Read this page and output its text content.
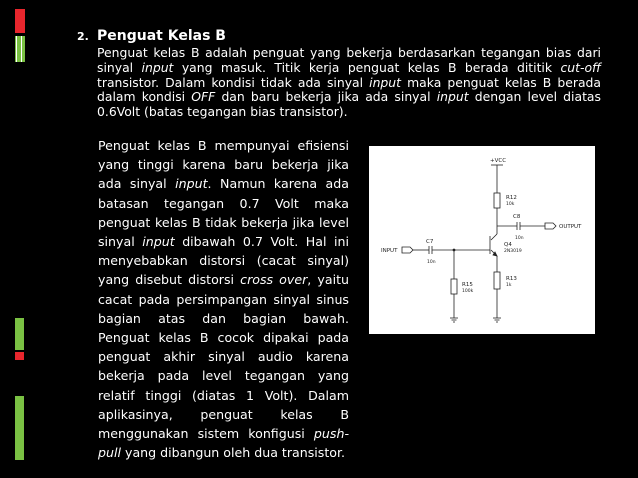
2. Penguat Kelas B
Penguat kelas B adalah penguat yang bekerja berdasarkan tegangan bias dari sinyal input yang masuk. Titik kerja penguat kelas B berada dititik cut-off transistor. Dalam kondisi tidak ada sinyal input maka penguat kelas B berada dalam kondisi OFF dan baru bekerja jika ada sinyal input dengan level diatas 0.6Volt (batas tegangan bias transistor).
Penguat kelas B mempunyai efisiensi yang tinggi karena baru bekerja jika ada sinyal input. Namun karena ada batasan tegangan 0.7 Volt maka penguat kelas B tidak bekerja jika level sinyal input dibawah 0.7 Volt. Hal ini menyebabkan distorsi (cacat sinyal) yang disebut distorsi cross over, yaitu cacat pada persimpangan sinyal sinus bagian atas dan bagian bawah. Penguat kelas B cocok dipakai pada penguat akhir sinyal audio karena bekerja pada level tegangan yang relatif tinggi (diatas 1 Volt). Dalam aplikasinya, penguat kelas B menggunakan sistem konfigusi push-pull yang dibangun oleh dua transistor.
+VCC
R12
10k
C8
10n
OUTPUT
Q4
2N3019
INPUT
C7
10n
R15
100k
R13
1k
